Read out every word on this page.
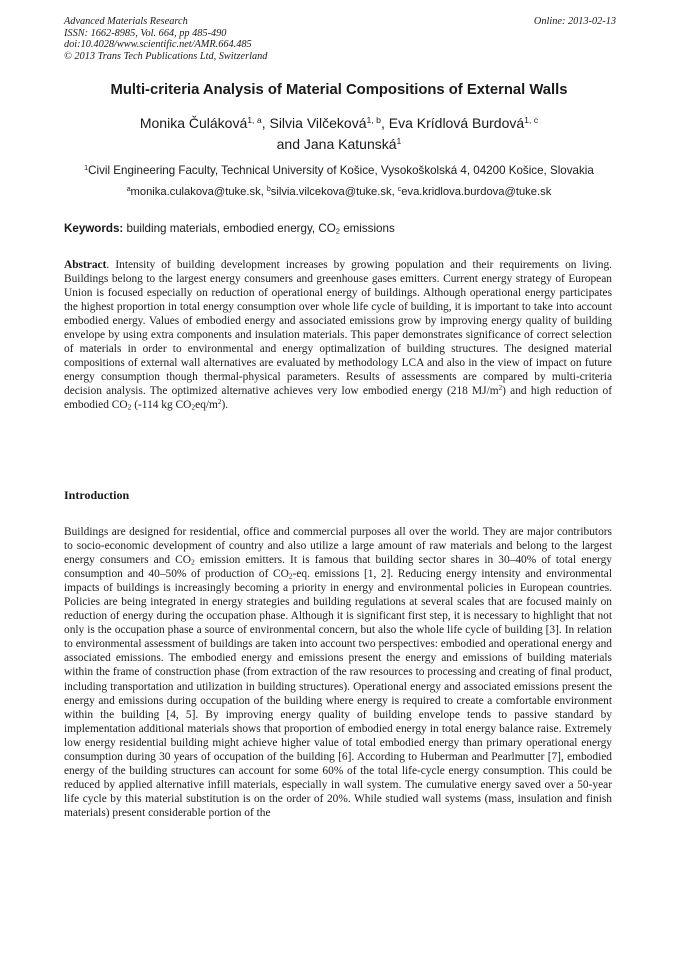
Advanced Materials Research
ISSN: 1662-8985, Vol. 664, pp 485-490
doi:10.4028/www.scientific.net/AMR.664.485
© 2013 Trans Tech Publications Ltd, Switzerland
Online: 2013-02-13
Multi-criteria Analysis of Material Compositions of External Walls
Monika Čuláková$^{1, a}$, Silvia Vilčeková$^{1, b}$, Eva Krídlová Burdová$^{1, c}$
and Jana Katunská$^1$
$^1$Civil Engineering Faculty, Technical University of Košice, Vysokoškolská 4, 04200 Košice, Slovakia
$^a$monika.culakova@tuke.sk, $^b$silvia.vilcekova@tuke.sk, $^c$eva.kridlova.burdova@tuke.sk
Keywords: building materials, embodied energy, $CO_2$ emissions

Abstract. Intensity of building development increases by growing population and their requirements on living. Buildings belong to the largest energy consumers and greenhouse gases emitters. Current energy strategy of European Union is focused especially on reduction of operational energy of buildings. Although operational energy participates the highest proportion in total energy consumption over whole life cycle of building, it is important to take into account embodied energy. Values of embodied energy and associated emissions grow by improving energy quality of building envelope by using extra components and insulation materials. This paper demonstrates significance of correct selection of materials in order to environmental and energy optimalization of building structures. The designed material compositions of external wall alternatives are evaluated by methodology LCA and also in the view of impact on future energy consumption though thermal-physical parameters. Results of assessments are compared by multi-criteria decision analysis. The optimized alternative achieves very low embodied energy (218 $MJ/m^2$) and high reduction of embodied $CO_2$ (-114 kg $CO_2eq/m^2$).

Introduction

Buildings are designed for residential, office and commercial purposes all over the world. They are major contributors to socio-economic development of country and also utilize a large amount of raw materials and belong to the largest energy consumers and $CO_2$ emission emitters. It is famous that building sector shares in 30–40% of total energy consumption and 40–50% of production of $CO_2-eq$. emissions [1, 2]. Reducing energy intensity and environmental impacts of buildings is increasingly becoming a priority in energy and environmental policies in European countries. Policies are being integrated in energy strategies and building regulations at several scales that are focused mainly on reduction of energy during the occupation phase. Although it is significant first step, it is necessary to highlight that not only is the occupation phase a source of environmental concern, but also the whole life cycle of building [3]. In relation to environmental assessment of buildings are taken into account two perspectives: embodied and operational energy and associated emissions. The embodied energy and emissions present the energy and emissions of building materials within the frame of construction phase (from extraction of the raw resources to processing and creating of final product, including transportation and utilization in building structures). Operational energy and associated emissions present the energy and emissions during occupation of the building where energy is required to create a comfortable environment within the building [4, 5]. By improving energy quality of building envelope tends to passive standard by implementation additional materials shows that proportion of embodied energy in total energy balance raise. Extremely low energy residential building might achieve higher value of total embodied energy than primary operational energy consumption during 30 years of occupation of the building [6]. According to Huberman and Pearlmutter [7], embodied energy of the building structures can account for some 60% of the total life-cycle energy consumption. This could be reduced by applied alternative infill materials, especially in wall system. The cumulative energy saved over a 50-year life cycle by this material substitution is on the order of 20%. While studied wall systems (mass, insulation and finish materials) present considerable portion of the
